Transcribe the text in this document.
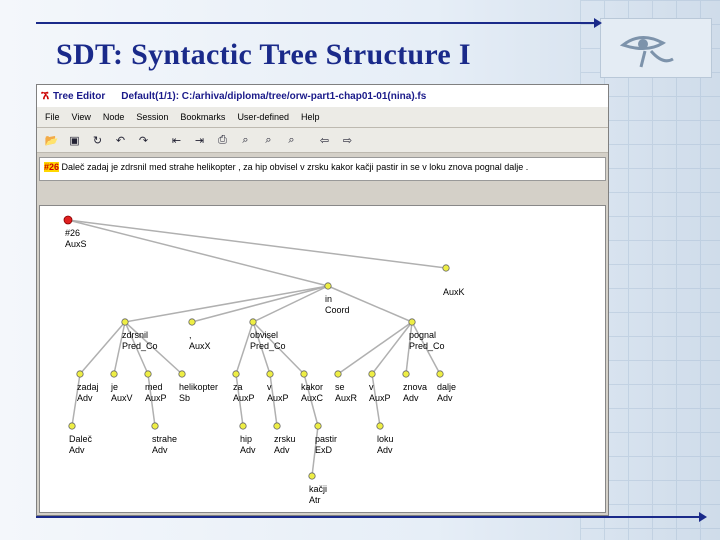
SDT: Syntactic Tree Structure I
ኧ Tree Editor Default(1/1): C:/arhiva/diploma/tree/orw-part1-chap01-01(nina).fs
File View Node Session Bookmarks User-defined Help
📂 ▣	↻	↶	↷	⇤	⇥	⎙	⌕	⌕	⌕	⇦	⇨
#26 Daleč zadaj je zdrsnil med strahe helikopter , za hip obvisel v zrsku kakor kačji pastir in se v loku znova pognal dalje .
#26
AuxS
in
Coord
AuxK
zdrsnil
Pred_Co
,
AuxX
obvisel
Pred_Co
pognal
Pred_Co
zadaj
Adv
je
AuxV
med
AuxP
helikopter
Sb
za
AuxP
v
AuxP
kakor
AuxC
se
AuxR
v
AuxP
znova
Adv
dalje
Adv
Daleč
Adv
strahe
Adv
hip
Adv
zrsku
Adv
pastir
ExD
loku
Adv
kačji
Atr
